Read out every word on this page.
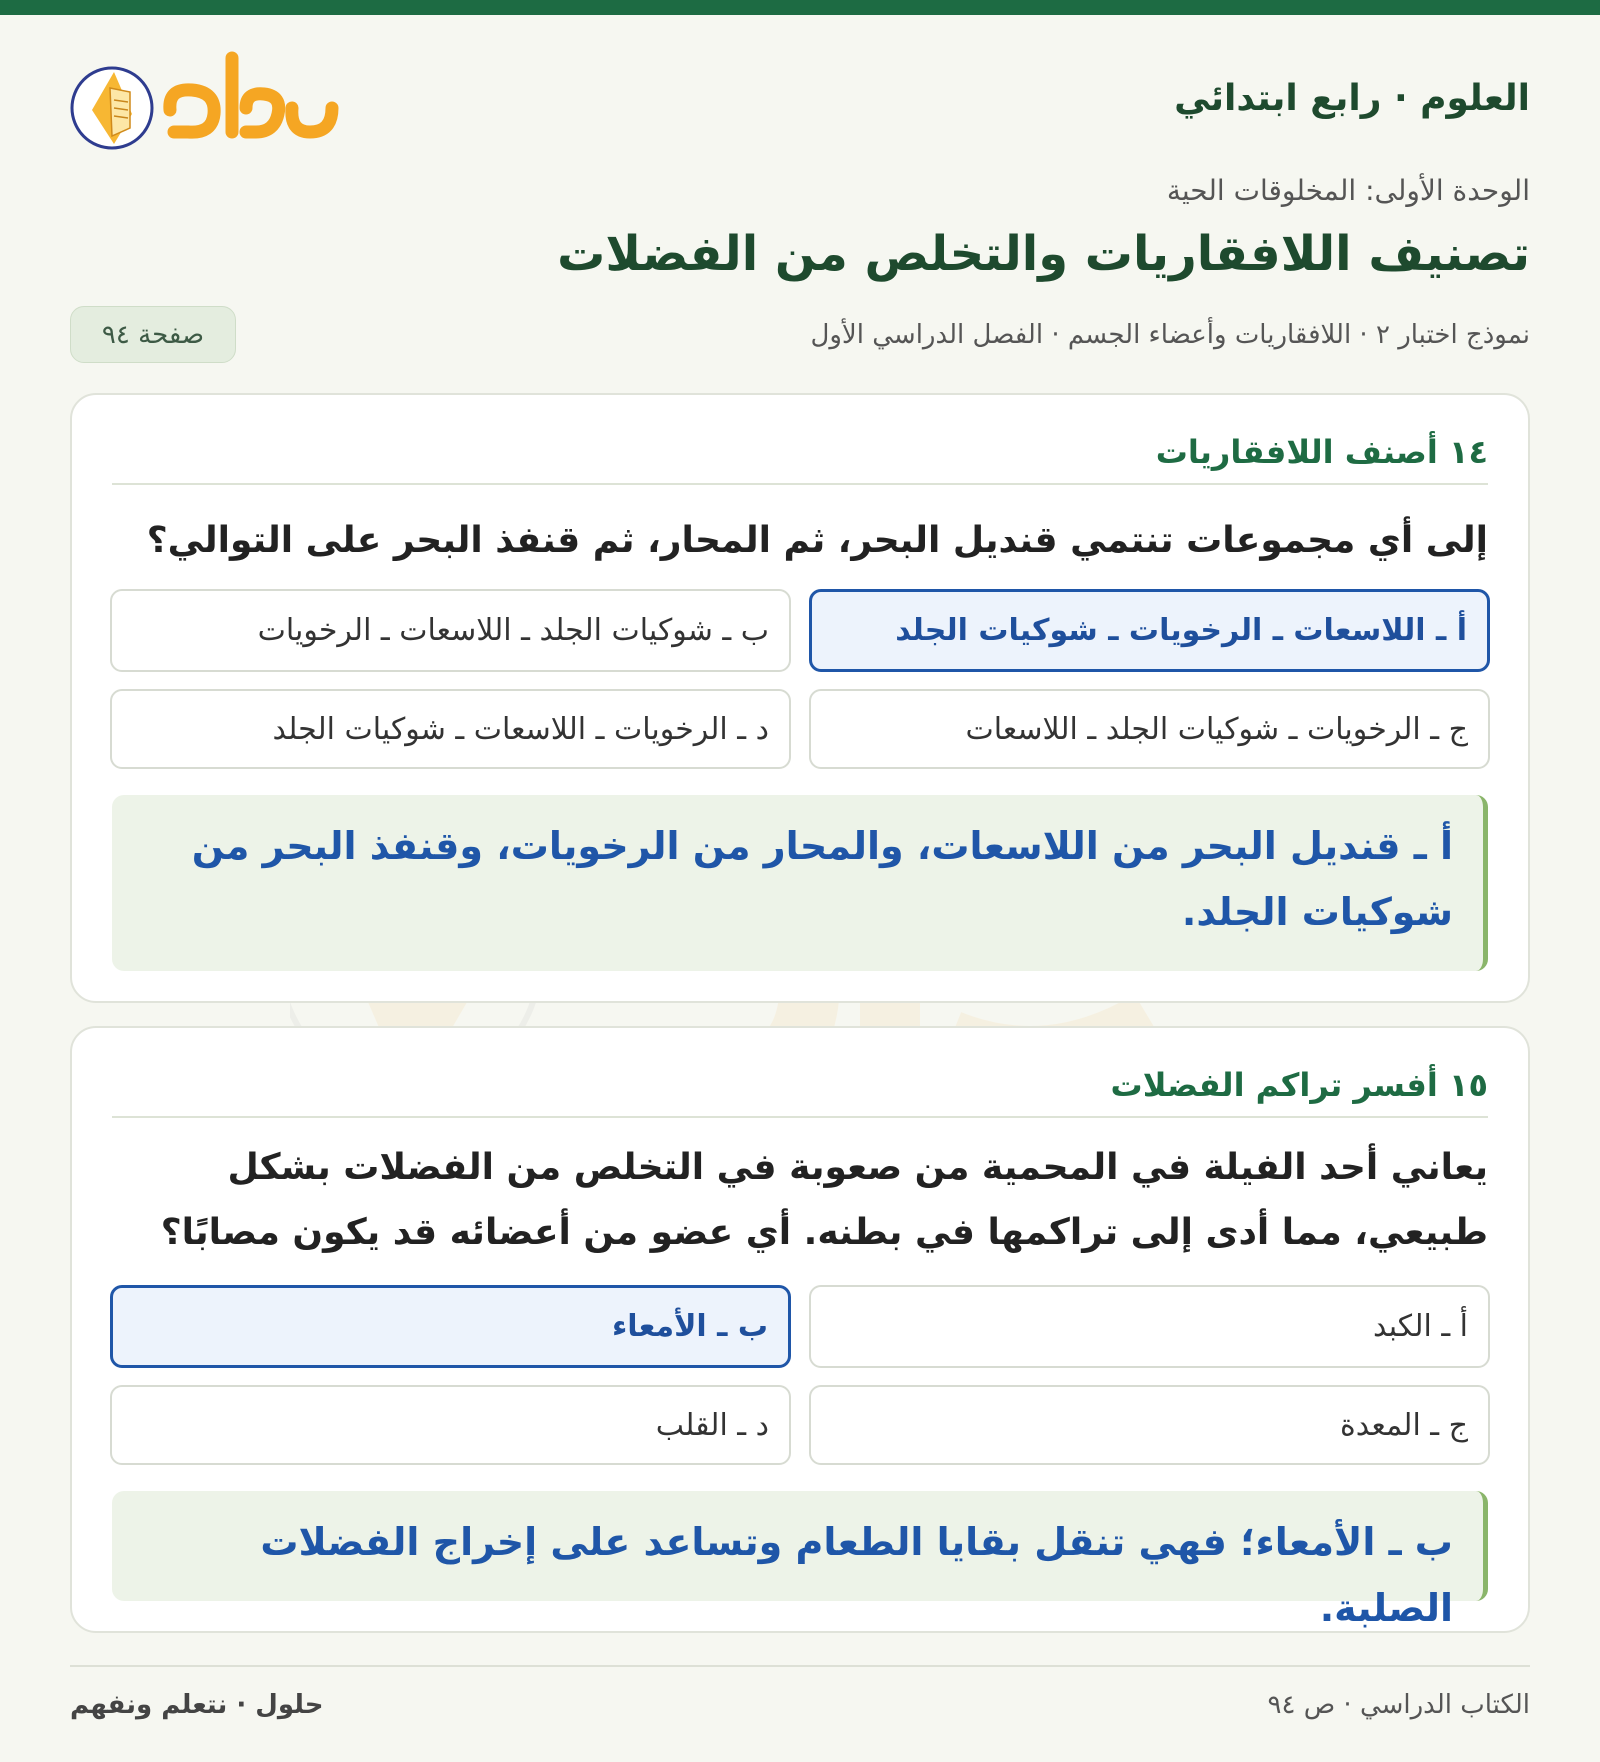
العلوم · رابع ابتدائي
الوحدة الأولى: المخلوقات الحية
تصنيف اللافقاريات والتخلص من الفضلات
نموذج اختبار ٢ · اللافقاريات وأعضاء الجسم · الفصل الدراسي الأول
صفحة ٩٤
١٤ أصنف اللافقاريات
إلى أي مجموعات تنتمي قنديل البحر، ثم المحار، ثم قنفذ البحر على التوالي؟
أ ـ اللاسعات ـ الرخويات ـ شوكيات الجلد
ب ـ شوكيات الجلد ـ اللاسعات ـ الرخويات
ج ـ الرخويات ـ شوكيات الجلد ـ اللاسعات
د ـ الرخويات ـ اللاسعات ـ شوكيات الجلد
أ ـ قنديل البحر من اللاسعات، والمحار من الرخويات، وقنفذ البحر من شوكيات الجلد.
١٥ أفسر تراكم الفضلات
يعاني أحد الفيلة في المحمية من صعوبة في التخلص من الفضلات بشكل طبيعي، مما أدى إلى تراكمها في بطنه. أي عضو من أعضائه قد يكون مصابًا؟
أ ـ الكبد
ب ـ الأمعاء
ج ـ المعدة
د ـ القلب
ب ـ الأمعاء؛ فهي تنقل بقايا الطعام وتساعد على إخراج الفضلات الصلبة.
الكتاب الدراسي · ص ٩٤
حلول · نتعلم ونفهم
